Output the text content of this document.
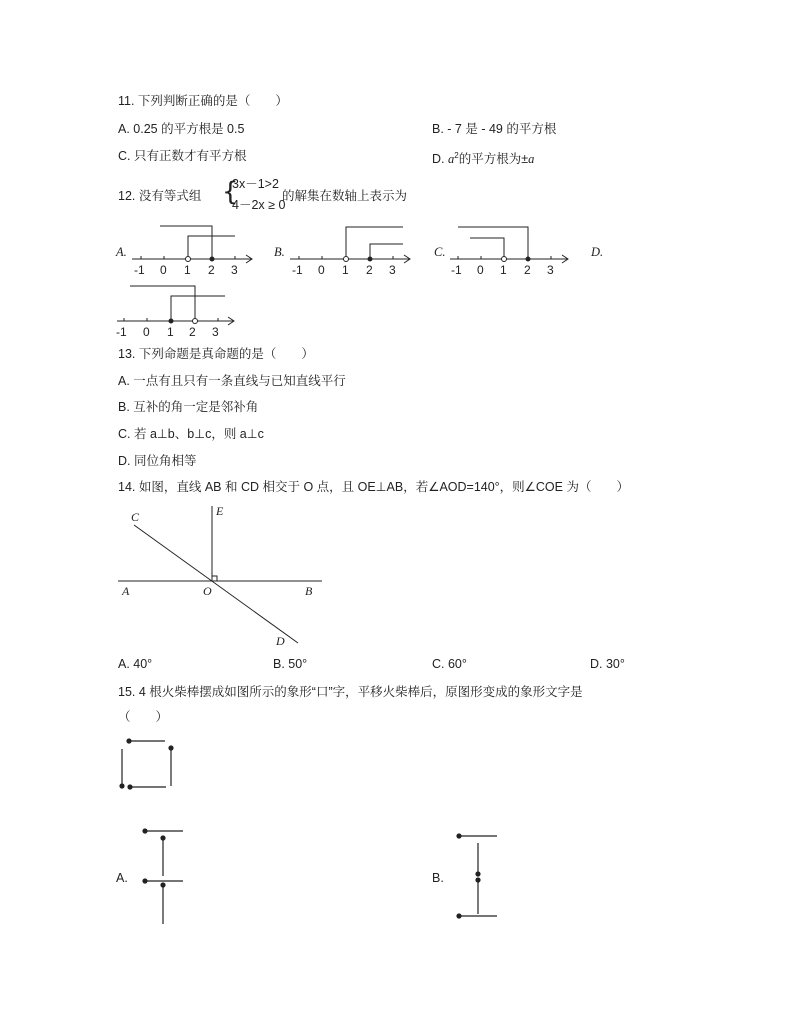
11. 下列判断正确的是（　　）
A. 0.25 的平方根是 0.5	B. - 7 是 - 49 的平方根
C. 只有正数才有平方根	D. $a^2$的平方根为±a
12. 没有等式组 {
3x－1>2
4－2x ≥ 0
的解集在数轴上表示为
A.	B.	C.	D.
-1 0 1 2 3	-1 0 1 2 3	-1 0 1 2 3
-1 0 1 2 3
C	E
A	O	B
D
13. 下列命题是真命题的是（　　）
A. 一点有且只有一条直线与已知直线平行
B. 互补的角一定是邻补角
C. 若 a⊥b、b⊥c，则 a⊥c
D. 同位角相等
14. 如图，直线 AB 和 CD 相交于 O 点，且 OE⊥AB，若∠AOD=140°，则∠COE 为（　　）
A. 40°	B. 50°	C. 60°	D. 30°
15. 4 根火柴棒摆成如图所示的象形“口”字，平移火柴棒后，原图形变成的象形文字是
（　　）
A.	B.
